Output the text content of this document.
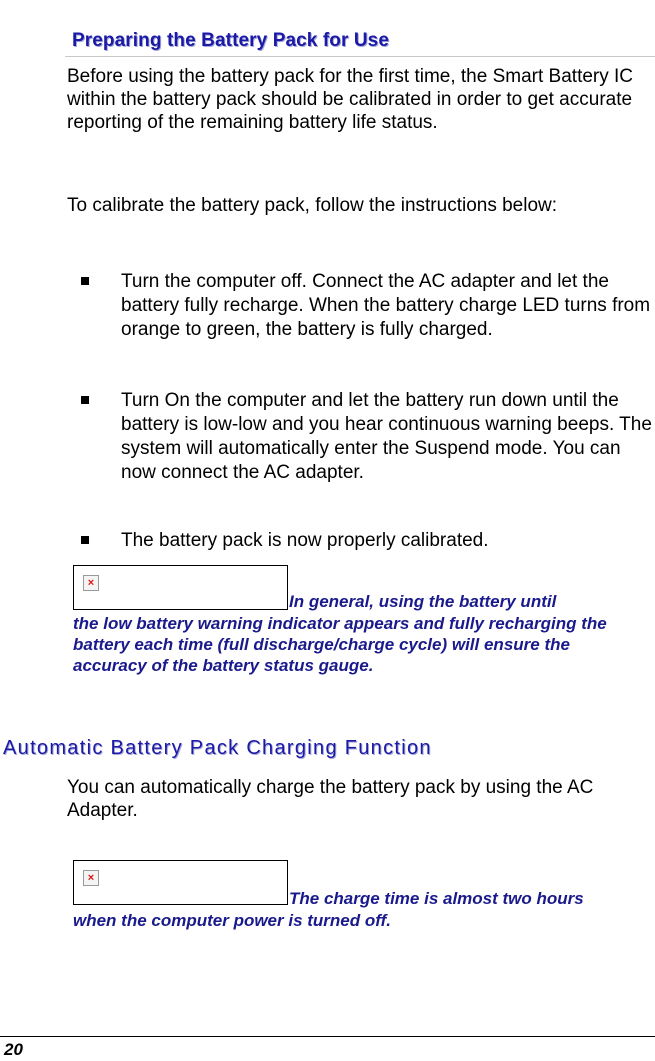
Preparing the Battery Pack for Use
Before using the battery pack for the first time, the Smart Battery IC within the battery pack should be calibrated in order to get accurate reporting of the remaining battery life status.
To calibrate the battery pack, follow the instructions below:
Turn the computer off. Connect the AC adapter and let the battery fully recharge. When the battery charge LED turns from orange to green, the battery is fully charged.
Turn On the computer and let the battery run down until the battery is low-low and you hear continuous warning beeps. The system will automatically enter the Suspend mode. You can now connect the AC adapter.
The battery pack is now properly calibrated.
×
In general, using the battery until
the low battery warning indicator appears and fully recharging the battery each time (full discharge/charge cycle) will ensure the accuracy of the battery status gauge.
Automatic Battery Pack Charging Function
You can automatically charge the battery pack by using the AC Adapter.
×
The charge time is almost two hours
when the computer power is turned off.
20
